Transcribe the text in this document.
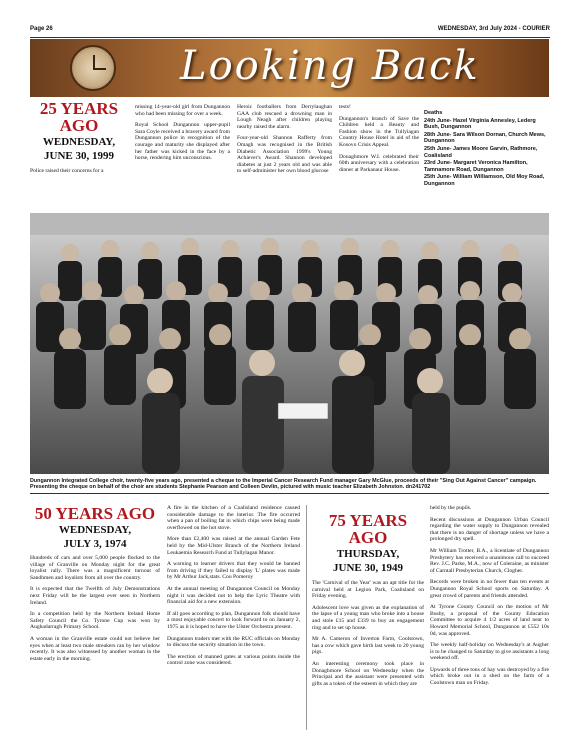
Page 26	WEDNESDAY, 3rd July 2024 - COURIER
Looking Back
25 YEARS AGO
WEDNESDAY,
JUNE 30, 1999

Police raised their concerns for a

missing 14-year-old girl from Dungannon who had been missing for over a week.

Royal School Dungannon upper-pupil Sara Coyle received a bravery award from Dungannon police in recognition of the courage and maturity she displayed after her father was kicked in the face by a horse, rendering him unconscious.

Heroic footballers from Derrylaughan GAA club rescued a drowning man in Lough Neagh after children playing nearby raised the alarm.

Four-year-old Shannon Rafferty from Omagh was recognised in the British Diabetic Association 1999's Young Achiever's Award. Shannon developed diabetes at just 2 years old and was able to self-administer her own blood glucose

tests!

Dungannon's branch of Save the Children held a Beauty and Fashion show in the Tullyiagan Country House Hotel in aid of the Kosovo Crisis Appeal.

Donaghmore W.I. celebrated their 60th anniversary with a celebration dinner at Parkanaur House.

Deaths

24th June- Hazel Virginia Annesley, Lederg Bush, Dungannon

28th June- Sara Wilson Dornan, Church Mews, Dungannon

25th June- James Moore Garvin, Rathmore, Coalisland

23rd June- Margaret Veronica Hamilton, Tamnamore Road, Dungannon

25th June- William Williamson, Old Moy Road, Dungannon

Dungannon Integrated College choir, twenty-five years ago, presented a cheque to the Imperial Cancer Research Fund manager Gary McGlue, proceeds of their "Sing Out Against Cancer" campaign. Presenting the cheque on behalf of the choir are students Stephanie Pearson and Colleen Devlin, pictured with music teacher Elizabeth Johnston. dn241702
50 YEARS AGO
WEDNESDAY,
JULY 3, 1974

Hundreds of cars and over 5,000 people flocked to the village of Granville on Monday night for the great loyalist rally. There was a magnificent turnout of Sandhmen and loyalists from all over the country.

It is expected that the Twelfth of July Demonstrations next Friday will be the largest ever seen in Northern Ireland.

In a competition held by the Northern Ireland Home Safety Council the Co. Tyrone Cup was won by Aughadarragh Primary School.

A woman in the Granville estate could not believe her eyes when at least two male streakers ran by her window recently. It was also witnessed by another woman in the estate early in the morning.

A fire in the kitchen of a Coalisland residence caused considerable damage to the interior. The fire occurred when a pan of boiling fat in which chips were being made overflowed on the hot stove.

More than £2,400 was raised at the annual Garden Fete held by the Mid-Ulster Branch of the Northern Ireland Leukaemia Research Fund at Tullylagan Manor.

A warning to learner drivers that they would be banned from driving if they failed to display 'L' plates was made by Mr Arthur Jack,stats. Cou Pomeroy

At the annual meeting of Dungannon Council on Monday night it was decided not to help the Lyric Theatre with financial aid for a new extension.

If all goes according to plan, Dungannon folk should have a most enjoyable concert to look forward to on January 2, 1975 as it is hoped to have the Ulster Orchestra present.

Dungannon traders met with the RUC officials on Monday to discuss the security situation in the town.

The erection of manned gates at various points inside the control zone was considered.

75 YEARS AGO
THURSDAY,
JUNE 30, 1949

The 'Carnival of the Year' was an apt title for the carnival held at Legion Park, Coalisland on Friday evening.

Adolescent love was given as the explanation of the lapse of a young man who broke into a house and stole £15 and £339 to buy an engagement ring and to set up house.

Mr A. Cameron of Inverton Farm, Coolstown, has a cow which gave birth last week to 20 young pigs.

An interesting ceremony took place in Donaghmore School on Wednesday when the Principal and the assistant were presented with gifts as a token of the esteem in which they are

held by the pupils.

Recent discussions at Dungannon Urban Council regarding the water supply to Dungannon revealed that there is no danger of shortage unless we have a prolonged dry spell.

Mr William Trotter, B.A., a licentiate of Dungannon Presbytery has received a unanimous call to succeed Rev. J.C. Parke, M.A., now of Coleraine, as minister of Carntall Presbyterian Church, Clogher.

Records were broken in no fewer than ten events at Dungannon Royal School sports on Saturday. A great crowd of parents and friends attended.

At Tyrone County Council on the motion of Mr Busby, a proposal of the County Education Committee to acquire 4 1/2 acres of land near to Howard Memorial School, Dungannon at £552 10s 0d, was approved.

The weekly half-holiday on Wednesday's at Augher is to be changed to Saturday to give assistants a long weekend off.

Upwards of three tons of hay was destroyed by a fire which broke out in a shed on the farm of a Coolstown man on Friday.
